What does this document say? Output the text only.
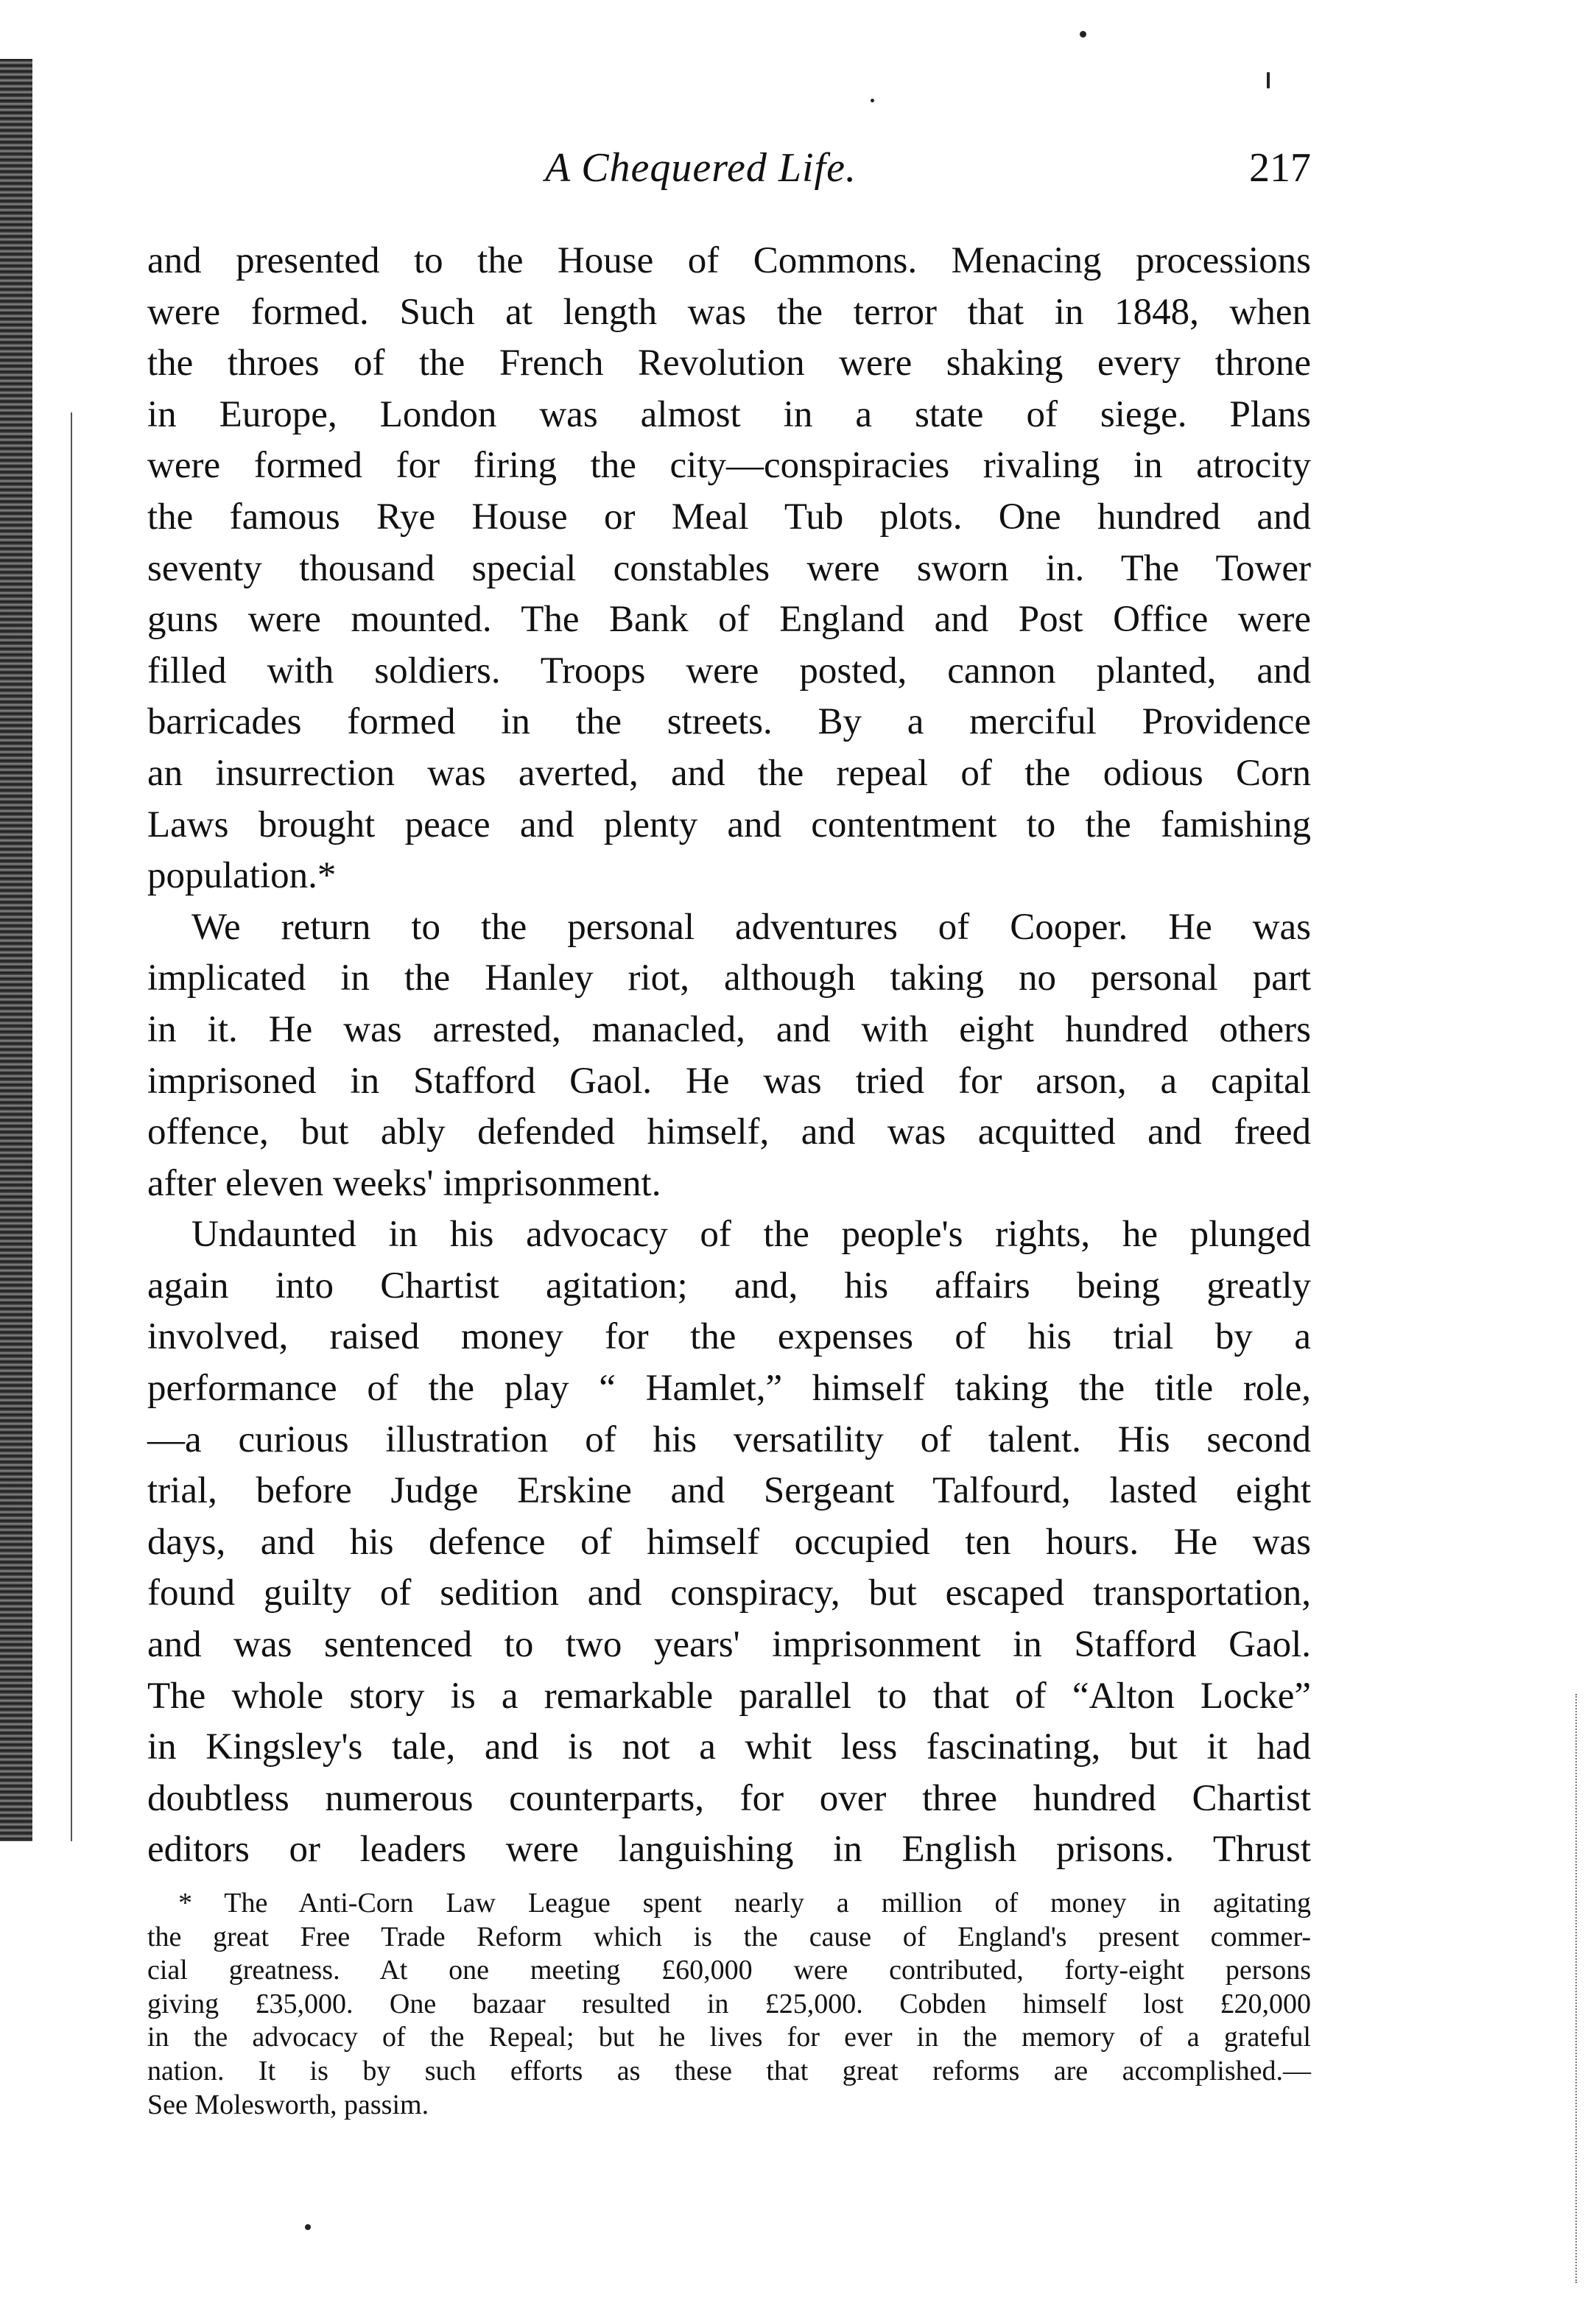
A Chequered Life.	217
and presented to the House of Commons. Menacing processions
were formed. Such at length was the terror that in 1848, when
the throes of the French Revolution were shaking every throne
in Europe, London was almost in a state of siege. Plans
were formed for firing the city—conspiracies rivaling in atrocity
the famous Rye House or Meal Tub plots. One hundred and
seventy thousand special constables were sworn in. The Tower
guns were mounted. The Bank of England and Post Office were
filled with soldiers. Troops were posted, cannon planted, and
barricades formed in the streets. By a merciful Providence
an insurrection was averted, and the repeal of the odious Corn
Laws brought peace and plenty and contentment to the famishing
population.*
We return to the personal adventures of Cooper. He was
implicated in the Hanley riot, although taking no personal part
in it. He was arrested, manacled, and with eight hundred others
imprisoned in Stafford Gaol. He was tried for arson, a capital
offence, but ably defended himself, and was acquitted and freed
after eleven weeks' imprisonment.
Undaunted in his advocacy of the people's rights, he plunged
again into Chartist agitation; and, his affairs being greatly
involved, raised money for the expenses of his trial by a
performance of the play “ Hamlet,” himself taking the title role,
—a curious illustration of his versatility of talent. His second
trial, before Judge Erskine and Sergeant Talfourd, lasted eight
days, and his defence of himself occupied ten hours. He was
found guilty of sedition and conspiracy, but escaped transportation,
and was sentenced to two years' imprisonment in Stafford Gaol.
The whole story is a remarkable parallel to that of “Alton Locke”
in Kingsley's tale, and is not a whit less fascinating, but it had
doubtless numerous counterparts, for over three hundred Chartist
editors or leaders were languishing in English prisons. Thrust
* The Anti-Corn Law League spent nearly a million of money in agitating
the great Free Trade Reform which is the cause of England's present commer-
cial greatness. At one meeting £60,000 were contributed, forty-eight persons
giving £35,000. One bazaar resulted in £25,000. Cobden himself lost £20,000
in the advocacy of the Repeal; but he lives for ever in the memory of a grateful
nation. It is by such efforts as these that great reforms are accomplished.—
See Molesworth, passim.
